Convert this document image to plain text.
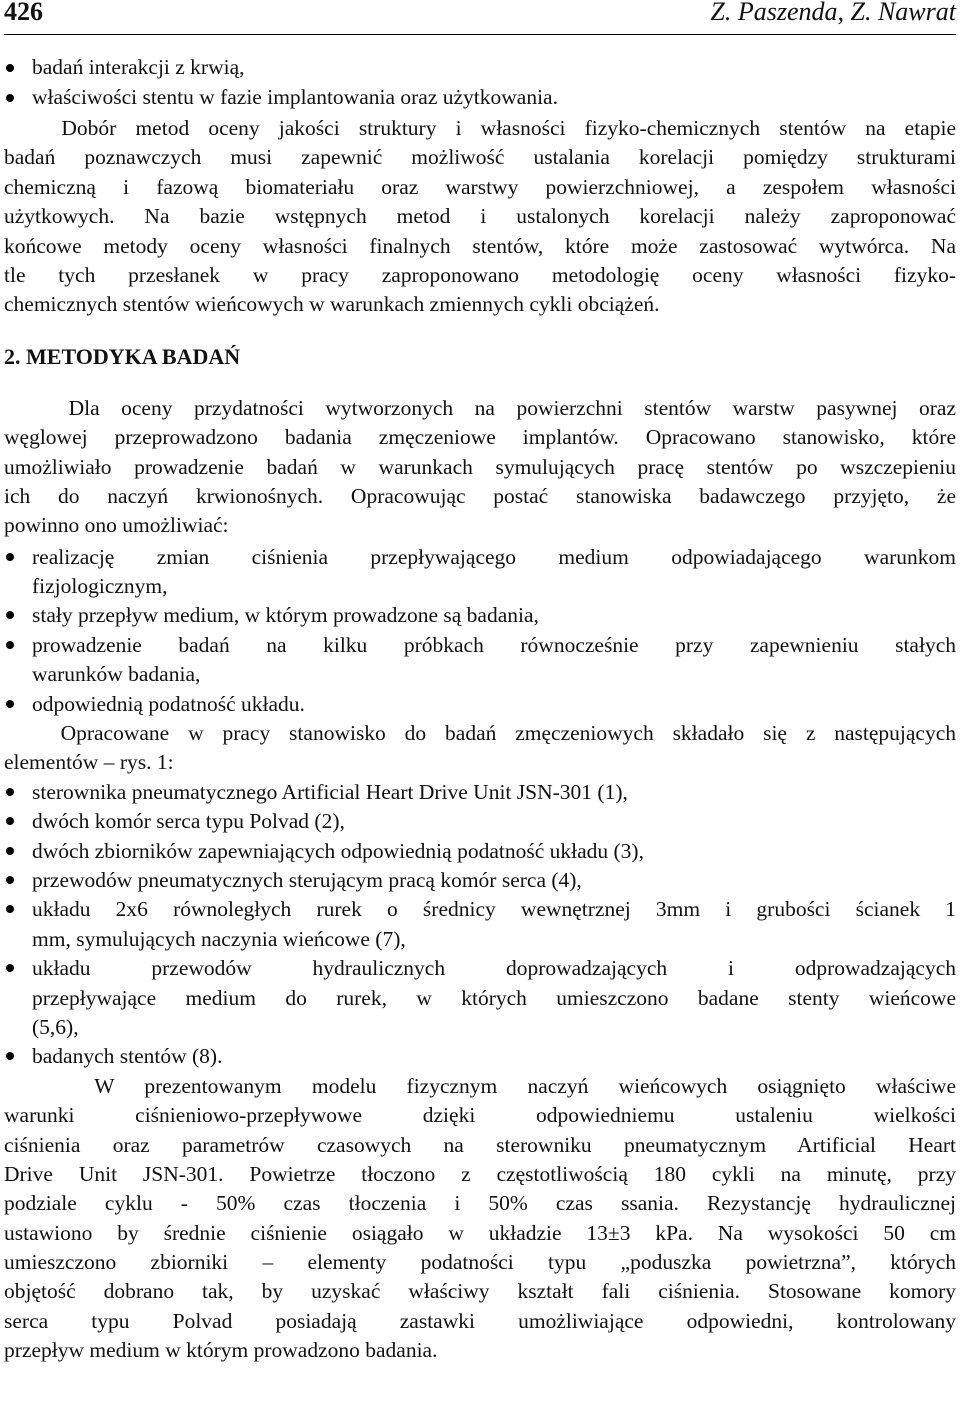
426	Z. Paszenda, Z. Nawrat
badań interakcji z krwią,
właściwości stentu w fazie implantowania oraz użytkowania.

Dobór metod oceny jakości struktury i własności fizyko-chemicznych stentów na etapie
badań poznawczych musi zapewnić możliwość ustalania korelacji pomiędzy strukturami
chemiczną i fazową biomateriału oraz warstwy powierzchniowej, a zespołem własności
użytkowych. Na bazie wstępnych metod i ustalonych korelacji należy zaproponować
końcowe metody oceny własności finalnych stentów, które może zastosować wytwórca. Na
tle tych przesłanek w pracy zaproponowano metodologię oceny własności fizyko-
chemicznych stentów wieńcowych w warunkach zmiennych cykli obciążeń.

2. METODYKA BADAŃ

Dla oceny przydatności wytworzonych na powierzchni stentów warstw pasywnej oraz
węglowej przeprowadzono badania zmęczeniowe implantów. Opracowano stanowisko, które
umożliwiało prowadzenie badań w warunkach symulujących pracę stentów po wszczepieniu
ich do naczyń krwionośnych. Opracowując postać stanowiska badawczego przyjęto, że
powinno ono umożliwiać:

realizację zmian ciśnienia przepływającego medium odpowiadającego warunkom
fizjologicznym,
stały przepływ medium, w którym prowadzone są badania,
prowadzenie badań na kilku próbkach równocześnie przy zapewnieniu stałych
warunków badania,
odpowiednią podatność układu.

Opracowane w pracy stanowisko do badań zmęczeniowych składało się z następujących
elementów – rys. 1:

sterownika pneumatycznego Artificial Heart Drive Unit JSN-301 (1),
dwóch komór serca typu Polvad (2),
dwóch zbiorników zapewniających odpowiednią podatność układu (3),
przewodów pneumatycznych sterującym pracą komór serca (4),
układu 2x6 równoległych rurek o średnicy wewnętrznej 3mm i grubości ścianek 1
mm, symulujących naczynia wieńcowe (7),
układu przewodów hydraulicznych doprowadzających i odprowadzających
przepływające medium do rurek, w których umieszczono badane stenty wieńcowe
(5,6),
badanych stentów (8).

W prezentowanym modelu fizycznym naczyń wieńcowych osiągnięto właściwe
warunki ciśnieniowo-przepływowe dzięki odpowiedniemu ustaleniu wielkości
ciśnienia oraz parametrów czasowych na sterowniku pneumatycznym Artificial Heart
Drive Unit JSN-301. Powietrze tłoczono z częstotliwością 180 cykli na minutę, przy
podziale cyklu - 50% czas tłoczenia i 50% czas ssania. Rezystancję hydraulicznej
ustawiono by średnie ciśnienie osiągało w układzie 13±3 kPa. Na wysokości 50 cm
umieszczono zbiorniki – elementy podatności typu „poduszka powietrzna”, których
objętość dobrano tak, by uzyskać właściwy kształt fali ciśnienia. Stosowane komory
serca typu Polvad posiadają zastawki umożliwiające odpowiedni, kontrolowany
przepływ medium w którym prowadzono badania.
